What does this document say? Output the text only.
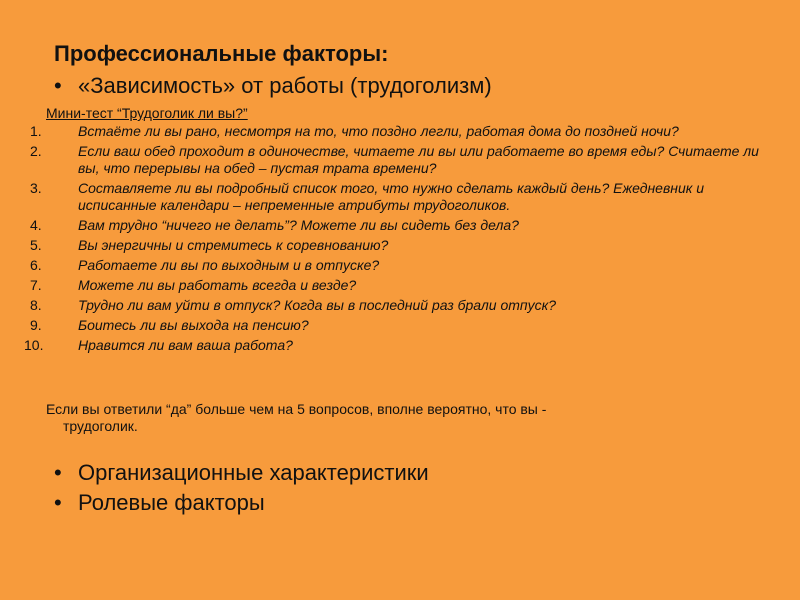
Профессиональные факторы:
• «Зависимость» от работы (трудоголизм)
Мини-тест “Трудоголик ли вы?”
1.	Встаёте ли вы рано, несмотря на то, что поздно легли, работая дома до поздней ночи?
2.	Если ваш обед проходит в одиночестве, читаете ли вы или работаете во время еды? Считаете ли вы, что перерывы на обед – пустая трата времени?
3.	Составляете ли вы подробный список того, что нужно сделать каждый день? Ежедневник и исписанные календари – непременные атрибуты трудоголиков.
4.	Вам трудно “ничего не делать”? Можете ли вы сидеть без дела?
5.	Вы энергичны и стремитесь к соревнованию?
6.	Работаете ли вы по выходным и в отпуске?
7.	Можете ли вы работать всегда и везде?
8.	Трудно ли вам уйти в отпуск? Когда вы в последний раз брали отпуск?
9.	Боитесь ли вы выхода на пенсию?
10.	Нравится ли вам ваша работа?
Если вы ответили “да” больше чем на 5 вопросов, вполне вероятно, что вы -
трудоголик.
• Организационные характеристики
• Ролевые факторы
